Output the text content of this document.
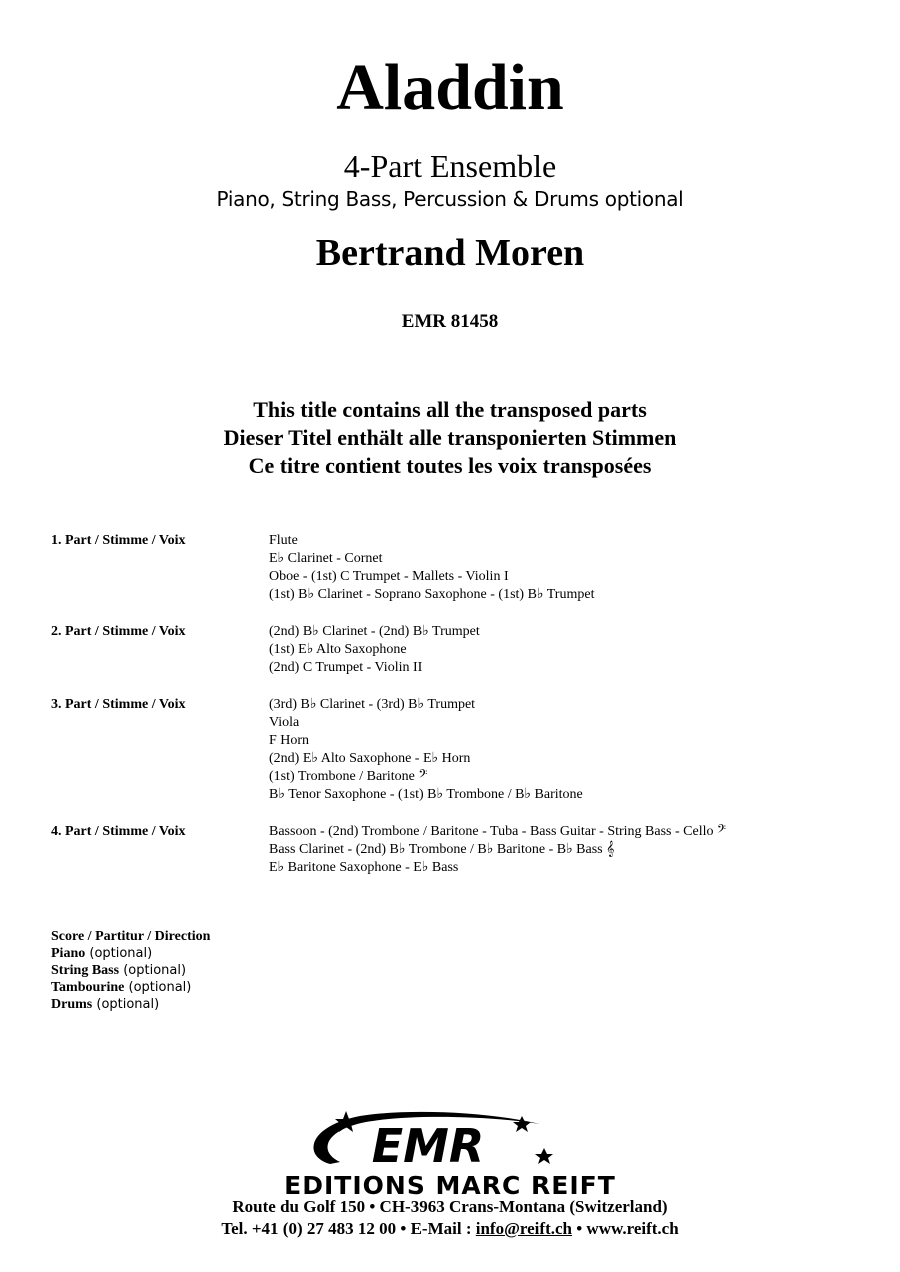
Aladdin
4-Part Ensemble
Piano, String Bass, Percussion & Drums optional
Bertrand Moren
EMR 81458
This title contains all the transposed parts
Dieser Titel enthält alle transponierten Stimmen
Ce titre contient toutes les voix transposées
1. Part / Stimme / Voix	Flute
E♭ Clarinet - Cornet
Oboe - (1st) C Trumpet - Mallets - Violin I
(1st) B♭ Clarinet - Soprano Saxophone - (1st) B♭ Trumpet
2. Part / Stimme / Voix	(2nd) B♭ Clarinet - (2nd) B♭ Trumpet
(1st) E♭ Alto Saxophone
(2nd) C Trumpet - Violin II
3. Part / Stimme / Voix	(3rd) B♭ Clarinet - (3rd) B♭ Trumpet
Viola
F Horn
(2nd) E♭ Alto Saxophone - E♭ Horn
(1st) Trombone / Baritone 𝄢
B♭ Tenor Saxophone - (1st) B♭ Trombone / B♭ Baritone
4. Part / Stimme / Voix	Bassoon - (2nd) Trombone / Baritone - Tuba - Bass Guitar - String Bass - Cello 𝄢
Bass Clarinet - (2nd) B♭ Trombone / B♭ Baritone - B♭ Bass 𝄞
E♭ Baritone Saxophone - E♭ Bass
Score / Partitur / Direction
Piano (optional)
String Bass (optional)
Tambourine (optional)
Drums (optional)
EMR
EDITIONS MARC REIFT
Route du Golf 150 • CH-3963 Crans-Montana (Switzerland)
Tel. +41 (0) 27 483 12 00 • E-Mail : info@reift.ch • www.reift.ch
